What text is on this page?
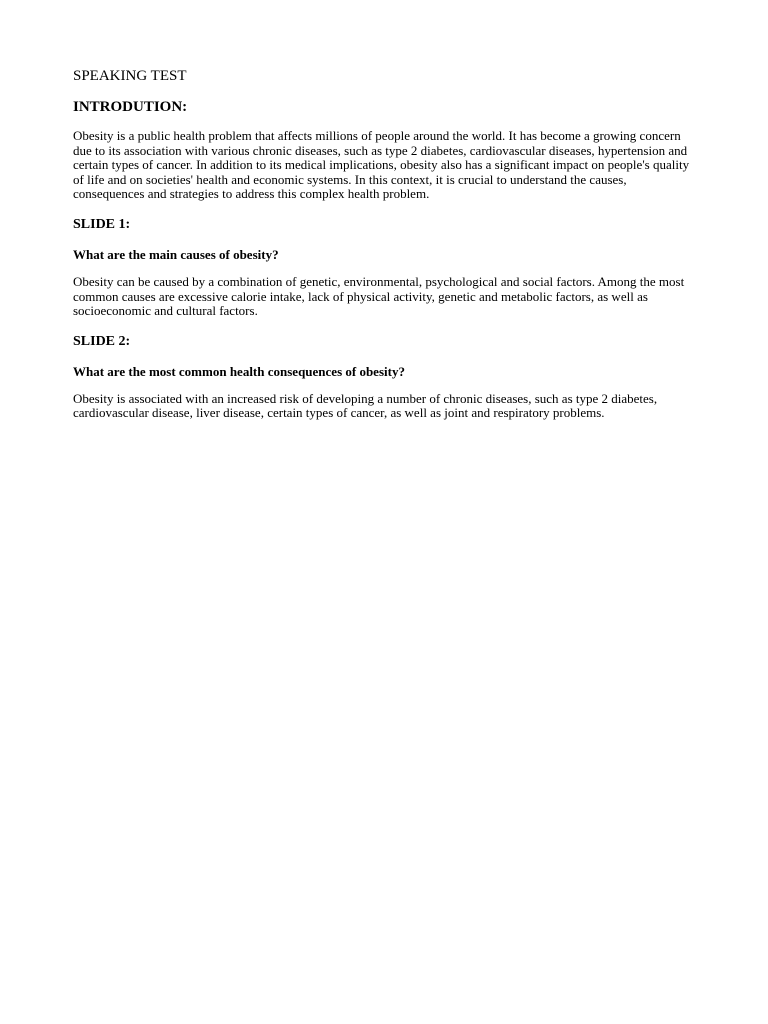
SPEAKING TEST
INTRODUTION:

Obesity is a public health problem that affects millions of people around the world. It has become a growing concern due to its association with various chronic diseases, such as type 2 diabetes, cardiovascular diseases, hypertension and certain types of cancer. In addition to its medical implications, obesity also has a significant impact on people's quality of life and on societies' health and economic systems. In this context, it is crucial to understand the causes, consequences and strategies to address this complex health problem.

SLIDE 1:
What are the main causes of obesity?

Obesity can be caused by a combination of genetic, environmental, psychological and social factors. Among the most common causes are excessive calorie intake, lack of physical activity, genetic and metabolic factors, as well as socioeconomic and cultural factors.

SLIDE 2:
What are the most common health consequences of obesity?

Obesity is associated with an increased risk of developing a number of chronic diseases, such as type 2 diabetes, cardiovascular disease, liver disease, certain types of cancer, as well as joint and respiratory problems.
